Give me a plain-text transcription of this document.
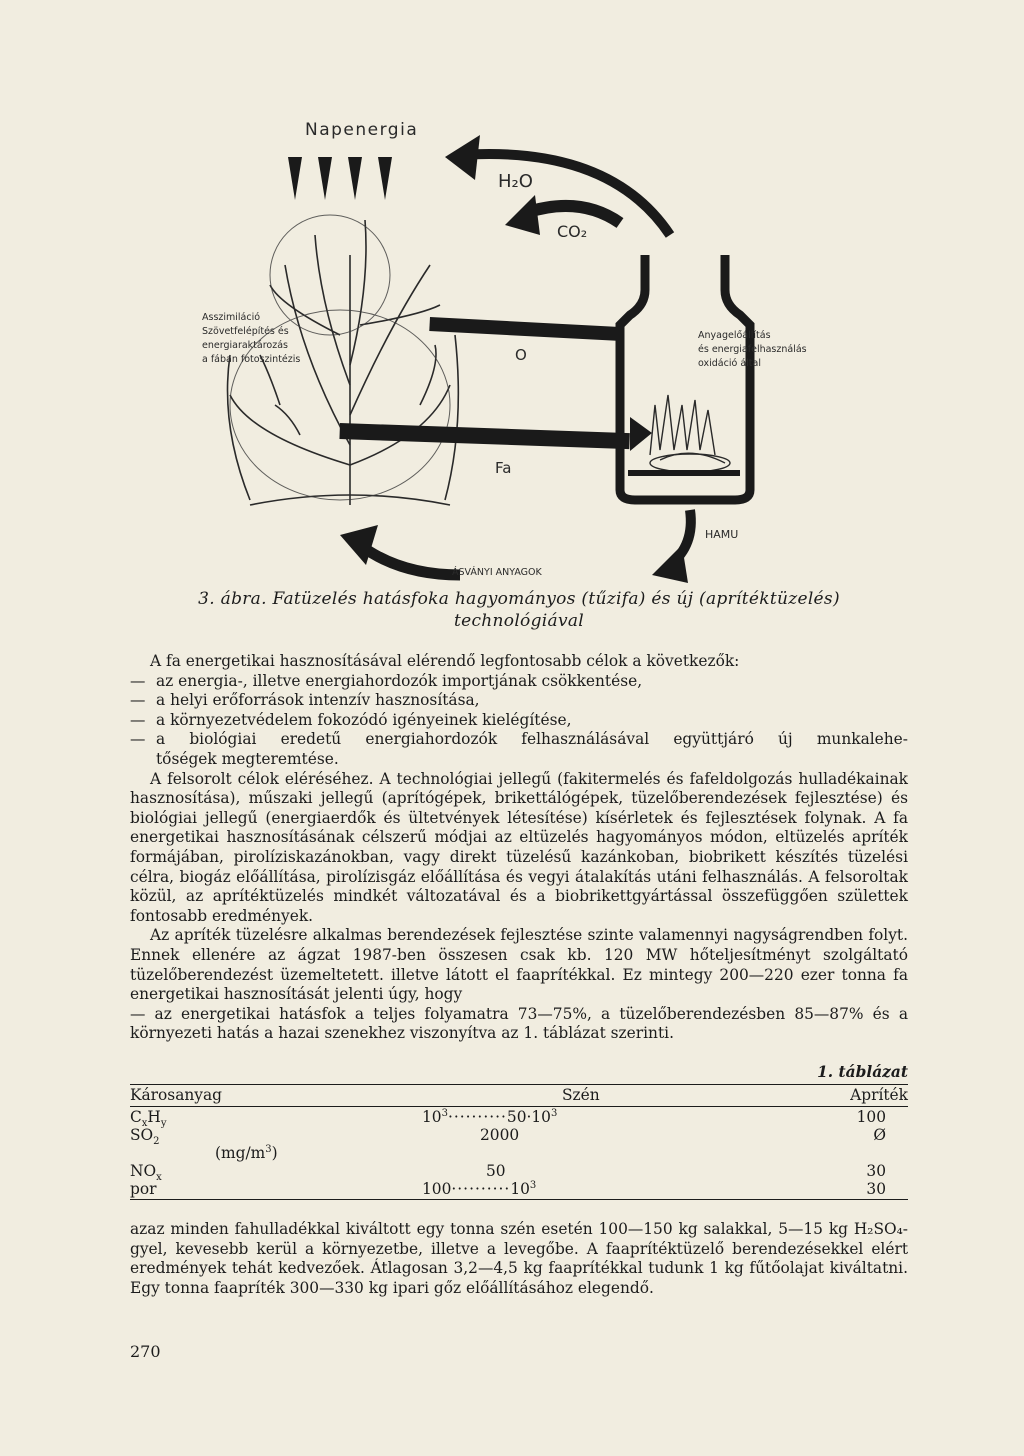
Napenergia
H₂O
CO₂
Asszimiláció
Szövetfelépítés és
energiaraktározás
a fában fotoszintézis	O
Fa
Anyagelőállítás
és energiafelhasználás
oxidáció által
HAMU
ÁSVÁNYI ANYAGOK
3. ábra. Fatüzelés hatásfoka hagyományos (tűzifa) és új (aprítéktüzelés)
technológiával

A fa energetikai hasznosításával elérendő legfontosabb célok a következők:

— az energia-, illetve energiahordozók importjának csökkentése,

— a helyi erőforrások intenzív hasznosítása,

— a környezetvédelem fokozódó igényeinek kielégítése,

— a biológiai eredetű energiahordozók felhasználásával együttjáró új munkalehe-

tőségek megteremtése.

A felsorolt célok eléréséhez. A technológiai jellegű (fakitermelés és fafeldolgozás hulladékainak hasznosítása), műszaki jellegű (aprítógépek, brikettálógépek, tüzelőberendezések fejlesztése) és biológiai jellegű (energiaerdők és ültetvények létesítése) kísérletek és fejlesztések folynak. A fa energetikai hasznosításának célszerű módjai az eltüzelés hagyományos módon, eltüzelés apríték formájában, pirolíziskazánokban, vagy direkt tüzelésű kazánkoban, biobrikett készítés tüzelési célra, biogáz előállítása, pirolízisgáz előállítása és vegyi átalakítás utáni felhasználás. A felsoroltak közül, az aprítéktüzelés mindkét változatával és a biobrikettgyártással összefüggően születtek fontosabb eredmények.

Az apríték tüzelésre alkalmas berendezések fejlesztése szinte valamennyi nagyságrendben folyt. Ennek ellenére az ágzat 1987-ben összesen csak kb. 120 MW hőteljesítményt szolgáltató tüzelőberendezést üzemeltetett. illetve látott el faaprítékkal. Ez mintegy 200—220 ezer tonna fa energetikai hasznosítását jelenti úgy, hogy

— az energetikai hatásfok a teljes folyamatra 73—75%, a tüzelőberendezésben 85—87% és a környezeti hatás a hazai szenekhez viszonyítva az 1. táblázat szerinti.

1. táblázat
Károsanyag	Szén	Apríték
$C_xH_y$	$10^3\cdot\cdot\cdot\cdot\cdot\cdot\cdot\cdot\cdot\cdot 50\cdot 10^3$	100
$SO_2$	2000	Ø
$(mg/m^3)$
$NO_x$	50	30
por	$100\cdot\cdot\cdot\cdot\cdot\cdot\cdot\cdot\cdot\cdot 10^3$	30

azaz minden fahulladékkal kiváltott egy tonna szén esetén 100—150 kg salakkal, 5—15 kg H₂SO₄-gyel, kevesebb kerül a környezetbe, illetve a levegőbe. A faaprítéktüzelő berendezésekkel elért eredmények tehát kedvezőek. Átlagosan 3,2—4,5 kg faaprítékkal tudunk 1 kg fűtőolajat kiváltatni. Egy tonna faapríték 300—330 kg ipari gőz előállításához elegendő.

270
